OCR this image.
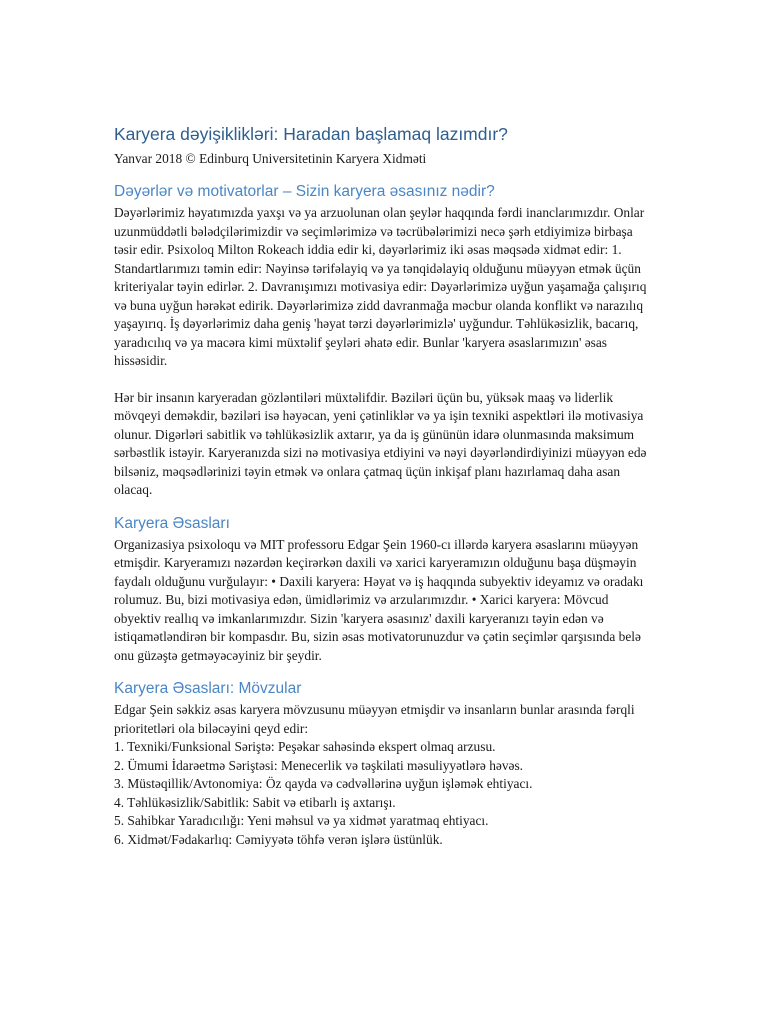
Karyera dəyişiklikləri: Haradan başlamaq lazımdır?
Yanvar 2018 © Edinburq Universitetinin Karyera Xidməti
Dəyərlər və motivatorlar – Sizin karyera əsasınız nədir?

Dəyərlərimiz həyatımızda yaxşı və ya arzuolunan olan şeylər haqqında fərdi inanclarımızdır. Onlar uzunmüddətli bələdçilərimizdir və seçimlərimizə və təcrübələrimizi necə şərh etdiyimizə birbaşa təsir edir. Psixoloq Milton Rokeach iddia edir ki, dəyərlərimiz iki əsas məqsədə xidmət edir: 1. Standartlarımızı təmin edir: Nəyinsə tərifəlayiq və ya tənqidəlayiq olduğunu müəyyən etmək üçün kriteriyalar təyin edirlər. 2. Davranışımızı motivasiya edir: Dəyərlərimizə uyğun yaşamağa çalışırıq və buna uyğun hərəkət edirik. Dəyərlərimizə zidd davranmağa məcbur olanda konflikt və narazılıq yaşayırıq. İş dəyərlərimiz daha geniş 'həyat tərzi dəyərlərimizlə' uyğundur. Təhlükəsizlik, bacarıq, yaradıcılıq və ya macəra kimi müxtəlif şeyləri əhatə edir. Bunlar 'karyera əsaslarımızın' əsas hissəsidir.

Hər bir insanın karyeradan gözləntiləri müxtəlifdir. Bəziləri üçün bu, yüksək maaş və liderlik mövqeyi deməkdir, bəziləri isə həyəcan, yeni çətinliklər və ya işin texniki aspektləri ilə motivasiya olunur. Digərləri sabitlik və təhlükəsizlik axtarır, ya da iş gününün idarə olunmasında maksimum sərbəstlik istəyir. Karyeranızda sizi nə motivasiya etdiyini və nəyi dəyərləndirdiyinizi müəyyən edə bilsəniz, məqsədlərinizi təyin etmək və onlara çatmaq üçün inkişaf planı hazırlamaq daha asan olacaq.

Karyera Əsasları

Organizasiya psixoloqu və MIT professoru Edgar Şein 1960-cı illərdə karyera əsaslarını müəyyən etmişdir. Karyeramızı nəzərdən keçirərkən daxili və xarici karyeramızın olduğunu başa düşməyin faydalı olduğunu vurğulayır: • Daxili karyera: Həyat və iş haqqında subyektiv ideyamız və oradakı rolumuz. Bu, bizi motivasiya edən, ümidlərimiz və arzularımızdır. • Xarici karyera: Mövcud obyektiv reallıq və imkanlarımızdır. Sizin 'karyera əsasınız' daxili karyeranızı təyin edən və istiqamətləndirən bir kompasdır. Bu, sizin əsas motivatorunuzdur və çətin seçimlər qarşısında belə onu güzəştə getməyəcəyiniz bir şeydir.

Karyera Əsasları: Mövzular

Edgar Şein səkkiz əsas karyera mövzusunu müəyyən etmişdir və insanların bunlar arasında fərqli prioritetləri ola biləcəyini qeyd edir:

1. Texniki/Funksional Səriştə: Peşəkar sahəsində ekspert olmaq arzusu.
2. Ümumi İdarəetmə Səriştəsi: Menecerlik və təşkilati məsuliyyətlərə həvəs.
3. Müstəqillik/Avtonomiya: Öz qayda və cədvəllərinə uyğun işləmək ehtiyacı.
4. Təhlükəsizlik/Sabitlik: Sabit və etibarlı iş axtarışı.
5. Sahibkar Yaradıcılığı: Yeni məhsul və ya xidmət yaratmaq ehtiyacı.
6. Xidmət/Fədakarlıq: Cəmiyyətə töhfə verən işlərə üstünlük.
